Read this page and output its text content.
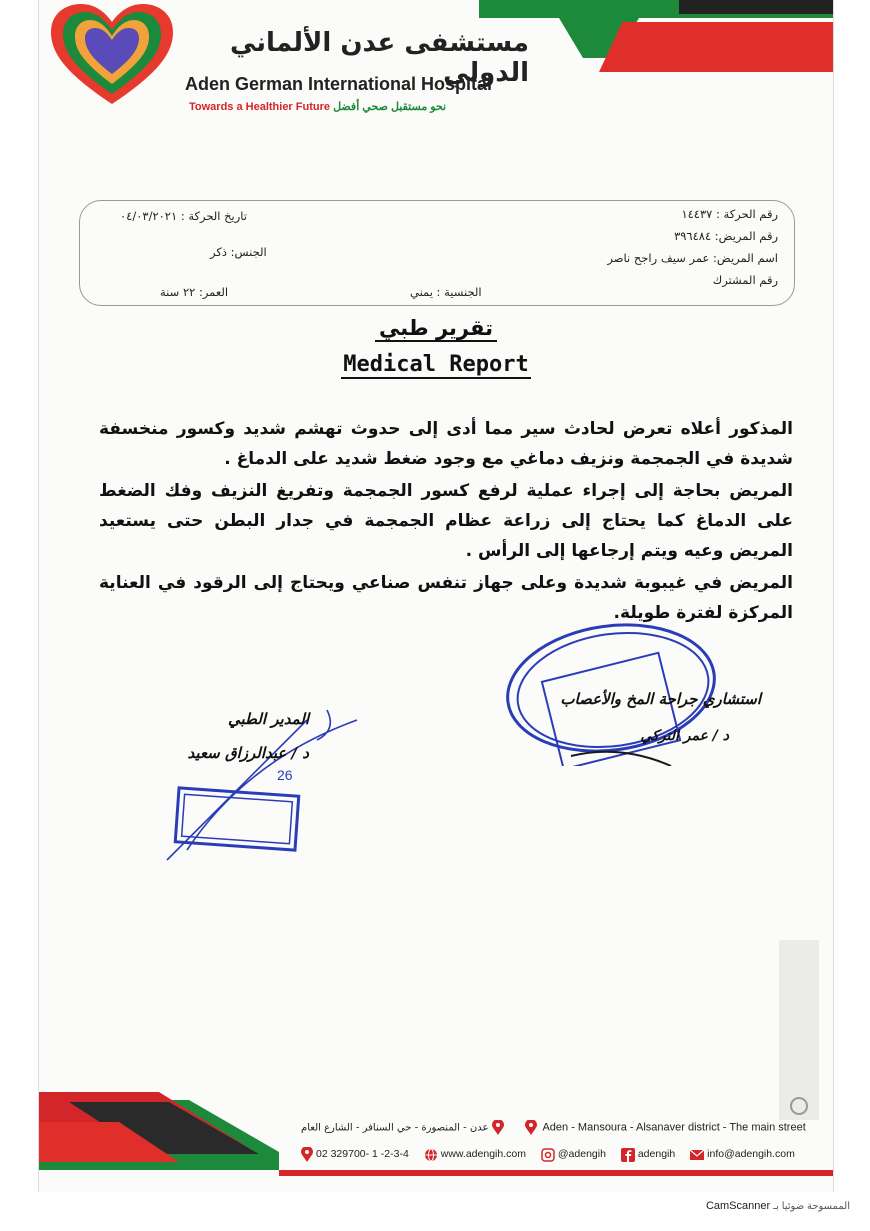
مستشفى عدن الألماني الدولي
Aden German International Hospital
Towards a Healthier Future نحو مستقبل صحي أفضل
رقم الحركة : ١٤٤٣٧
رقم المريض: ٣٩٦٤٨٤
اسم المريض: عمر سيف راجح ناصر
رقم المشترك
تاريخ الحركة : ٠٤/٠٣/٢٠٢١
الجنس: ذكر
الجنسية : يمني
العمر: ٢٢ سنة
تقرير طبي
Medical Report

المذكور أعلاه تعرض لحادث سير مما أدى إلى حدوث تهشم شديد وكسور منخسفة شديدة في الجمجمة ونزيف دماغي مع وجود ضغط شديد على الدماغ .

المريض بحاجة إلى إجراء عملية لرفع كسور الجمجمة وتفريغ النزيف وفك الضغط على الدماغ كما يحتاج إلى زراعة عظام الجمجمة في جدار البطن حتى يستعيد المريض وعيه ويتم إرجاعها إلى الرأس .

المريض في غيبوبة شديدة وعلى جهاز تنفس صناعي ويحتاج إلى الرقود في العناية المركزة لفترة طويلة.

26
استشاري جراحة المخ والأعصاب
د / عمر التركي
المدير الطبي
د / عبدالرزاق سعيد
عدن - المنصورة - حي السنافر - الشارع العام	Aden - Mansoura - Alsanaver district - The main street
02 329700- 1 -2-3-4	www.adengih.com	@adengih	adengih	info@adengih.com
CamScanner الممسوحة ضوئيا بـ
